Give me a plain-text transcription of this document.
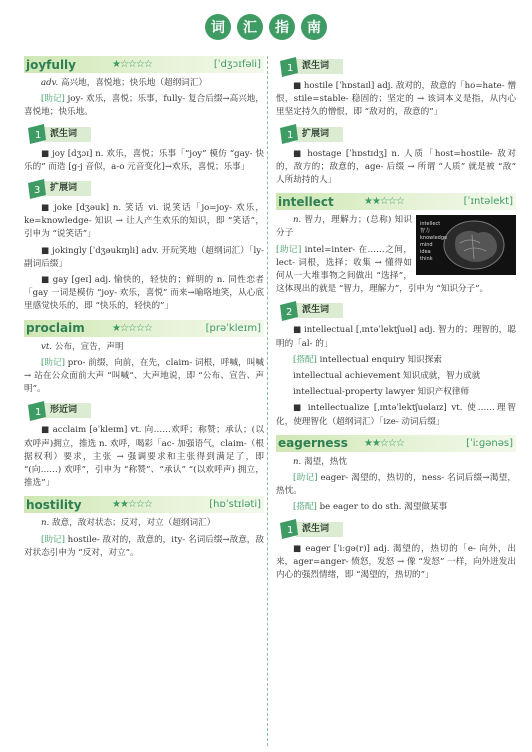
词	汇	指	南
joyfully	★☆☆☆☆	[ˈdʒɔɪfəli]

adv. 高兴地，喜悦地；快乐地（超纲词汇）

[助记] joy- 欢乐，喜悦；乐事，fully- 复合后缀→高兴地，喜悦地；快乐地。

1 派生词

■ joy [dʒɔɪ] n. 欢乐，喜悦；乐事「“joy” 模仿 “gay- 快乐的” 而造 [g-j 音似，a-o 元音变化]→欢乐，喜悦；乐事」

3	扩展词

■ joke [dʒəuk] n. 笑话 vi. 说笑话「jo=joy- 欢乐，ke=knowledge- 知识 → 让人产生欢乐的知识，即 “笑话”，引申为 “说笑话”」

■ jokingly [ˈdʒəukɪŋli] adv. 开玩笑地（超纲词汇）「ly- 副词后缀」

■ gay [geɪ] adj. 愉快的，轻快的；鲜明的 n. 同性恋者「gay 一词是模仿 “joy- 欢乐，喜悦” 而来→喻咯地笑，从心底里感觉快乐的，即 “快乐的，轻快的”」

proclaim	★☆☆☆☆	[prəˈkleɪm]

vt. 公布，宣告，声明

[助记] pro- 前缀，向前，在先，claim- 词根，呼喊，叫喊 → 站在公众面前大声 “叫喊”、大声地说，即 “公布、宣告、声明”。

1 形近词

■ acclaim [əˈkleɪm] vt. 向……欢呼；称赞；承认；(以欢呼声)拥立，推选 n. 欢呼，喝彩「ac- 加强语气，claim-（根据权利）要求，主张 → 强调要求和主张得到满足了，即 “(向……) 欢呼”，引申为 “称赞”、“承认” “(以欢呼声) 拥立，推选”」

hostility	★★☆☆☆	[hɒˈstɪləti]

n. 敌意，敌对状态；反对，对立（超纲词汇）

[助记] hostile- 敌对的，敌意的，ity- 名词后缀→敌意，敌对状态引申为 “反对，对立”。

1 派生词

■ hostile [ˈhɒstaɪl] adj. 敌对的，敌意的「ho=hate- 憎恨，stile=stable- 稳固的；坚定的 → 该词本义是指，从内心里坚定持久的憎恨，即 “敌对的，敌意的”」

1 扩展词

■ hostage [ˈhɒstɪdʒ] n. 人质「host=hostile- 敌对的，敌方的；敌意的，age- 后缀 → 所谓 “人质” 就是被 “敌” 人所劫持的人」

intellect	★★☆☆☆	[ˈɪntəlekt]
intellect
智力
knowledge
mind
idea
think

n. 智力，理解力；(总称) 知识分子

[助记] intel=inter- 在……之间，lect- 词根，选择；收集 → 懂得如何从一大堆事物之间做出 “选择”，这体现出的就是 “智力，理解力”，引申为 “知识分子”。

2	派生词

■ intellectual [ˌɪntəˈlektʃuəl] adj. 智力的；理智的，聪明的「al- 的」

[搭配] intellectual enquiry 知识探索

intellectual achievement 知识成就，智力成就

intellectual-property lawyer 知识产权律师

■ intellectualize [ˌɪntəˈlektʃuəlaɪz] vt. 使……理智化，使理智化（超纲词汇）「ize- 动词后缀」

eagerness	★★☆☆☆	[ˈiːɡənəs]

n. 渴望，热忱

[助记] eager- 渴望的，热切的，ness- 名词后缀→渴望，热忱。

[搭配] be eager to do sth. 渴望做某事

1 派生词

■ eager [ˈiːɡə(r)] adj. 渴望的，热切的「e- 向外，出来，ager=anger- 愤怒，发怒 → 像 “发怒” 一样，向外迸发出内心的强烈情绪，即 “渴望的，热切的”」
